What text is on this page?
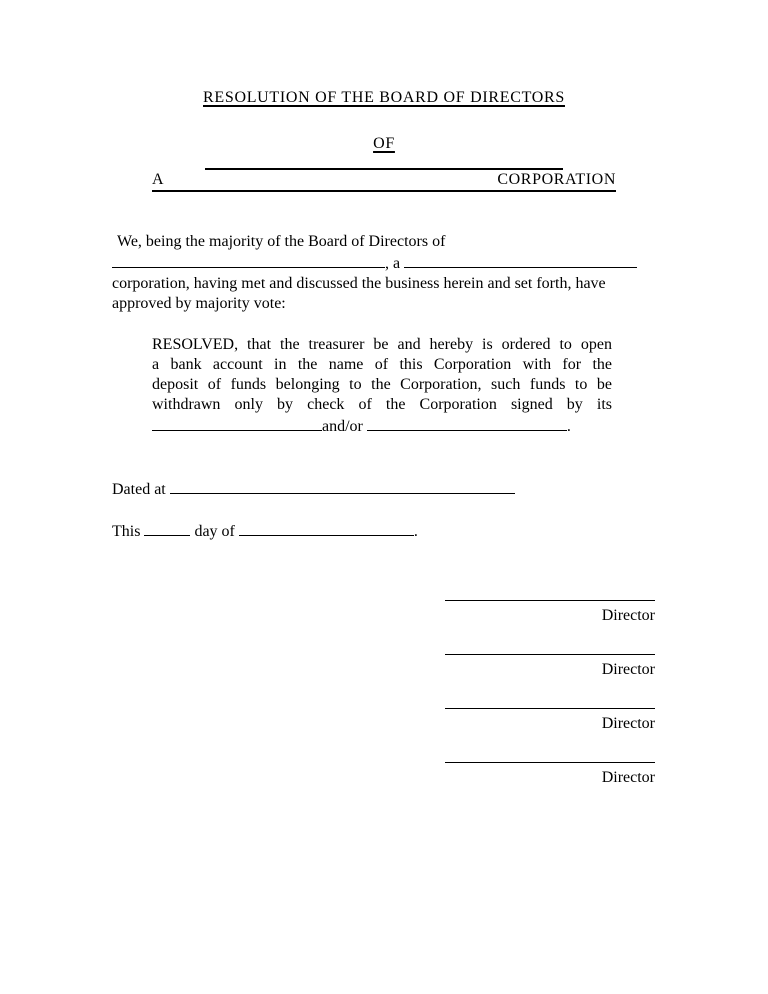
RESOLUTION OF THE BOARD OF DIRECTORS
OF
A	CORPORATION
We, being the majority of the Board of Directors of
, a
corporation, having met and discussed the business herein and set forth, have
approved by majority vote:
RESOLVED, that the treasurer be and hereby is ordered to open
a bank account in the name of this Corporation with for the
deposit of funds belonging to the Corporation, such funds to be
withdrawn only by check of the Corporation signed by its
and/or	.
Dated at
This	day of	.
Director
Director
Director
Director
